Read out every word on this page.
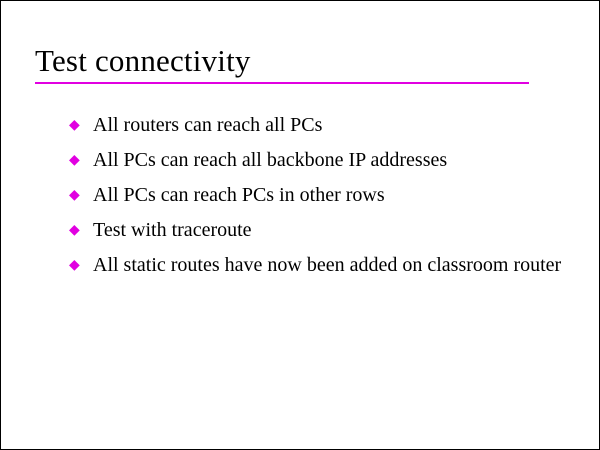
Test connectivity
◆ All routers can reach all PCs
◆ All PCs can reach all backbone IP addresses
◆ All PCs can reach PCs in other rows
◆ Test with traceroute
◆ All static routes have now been added on classroom router
